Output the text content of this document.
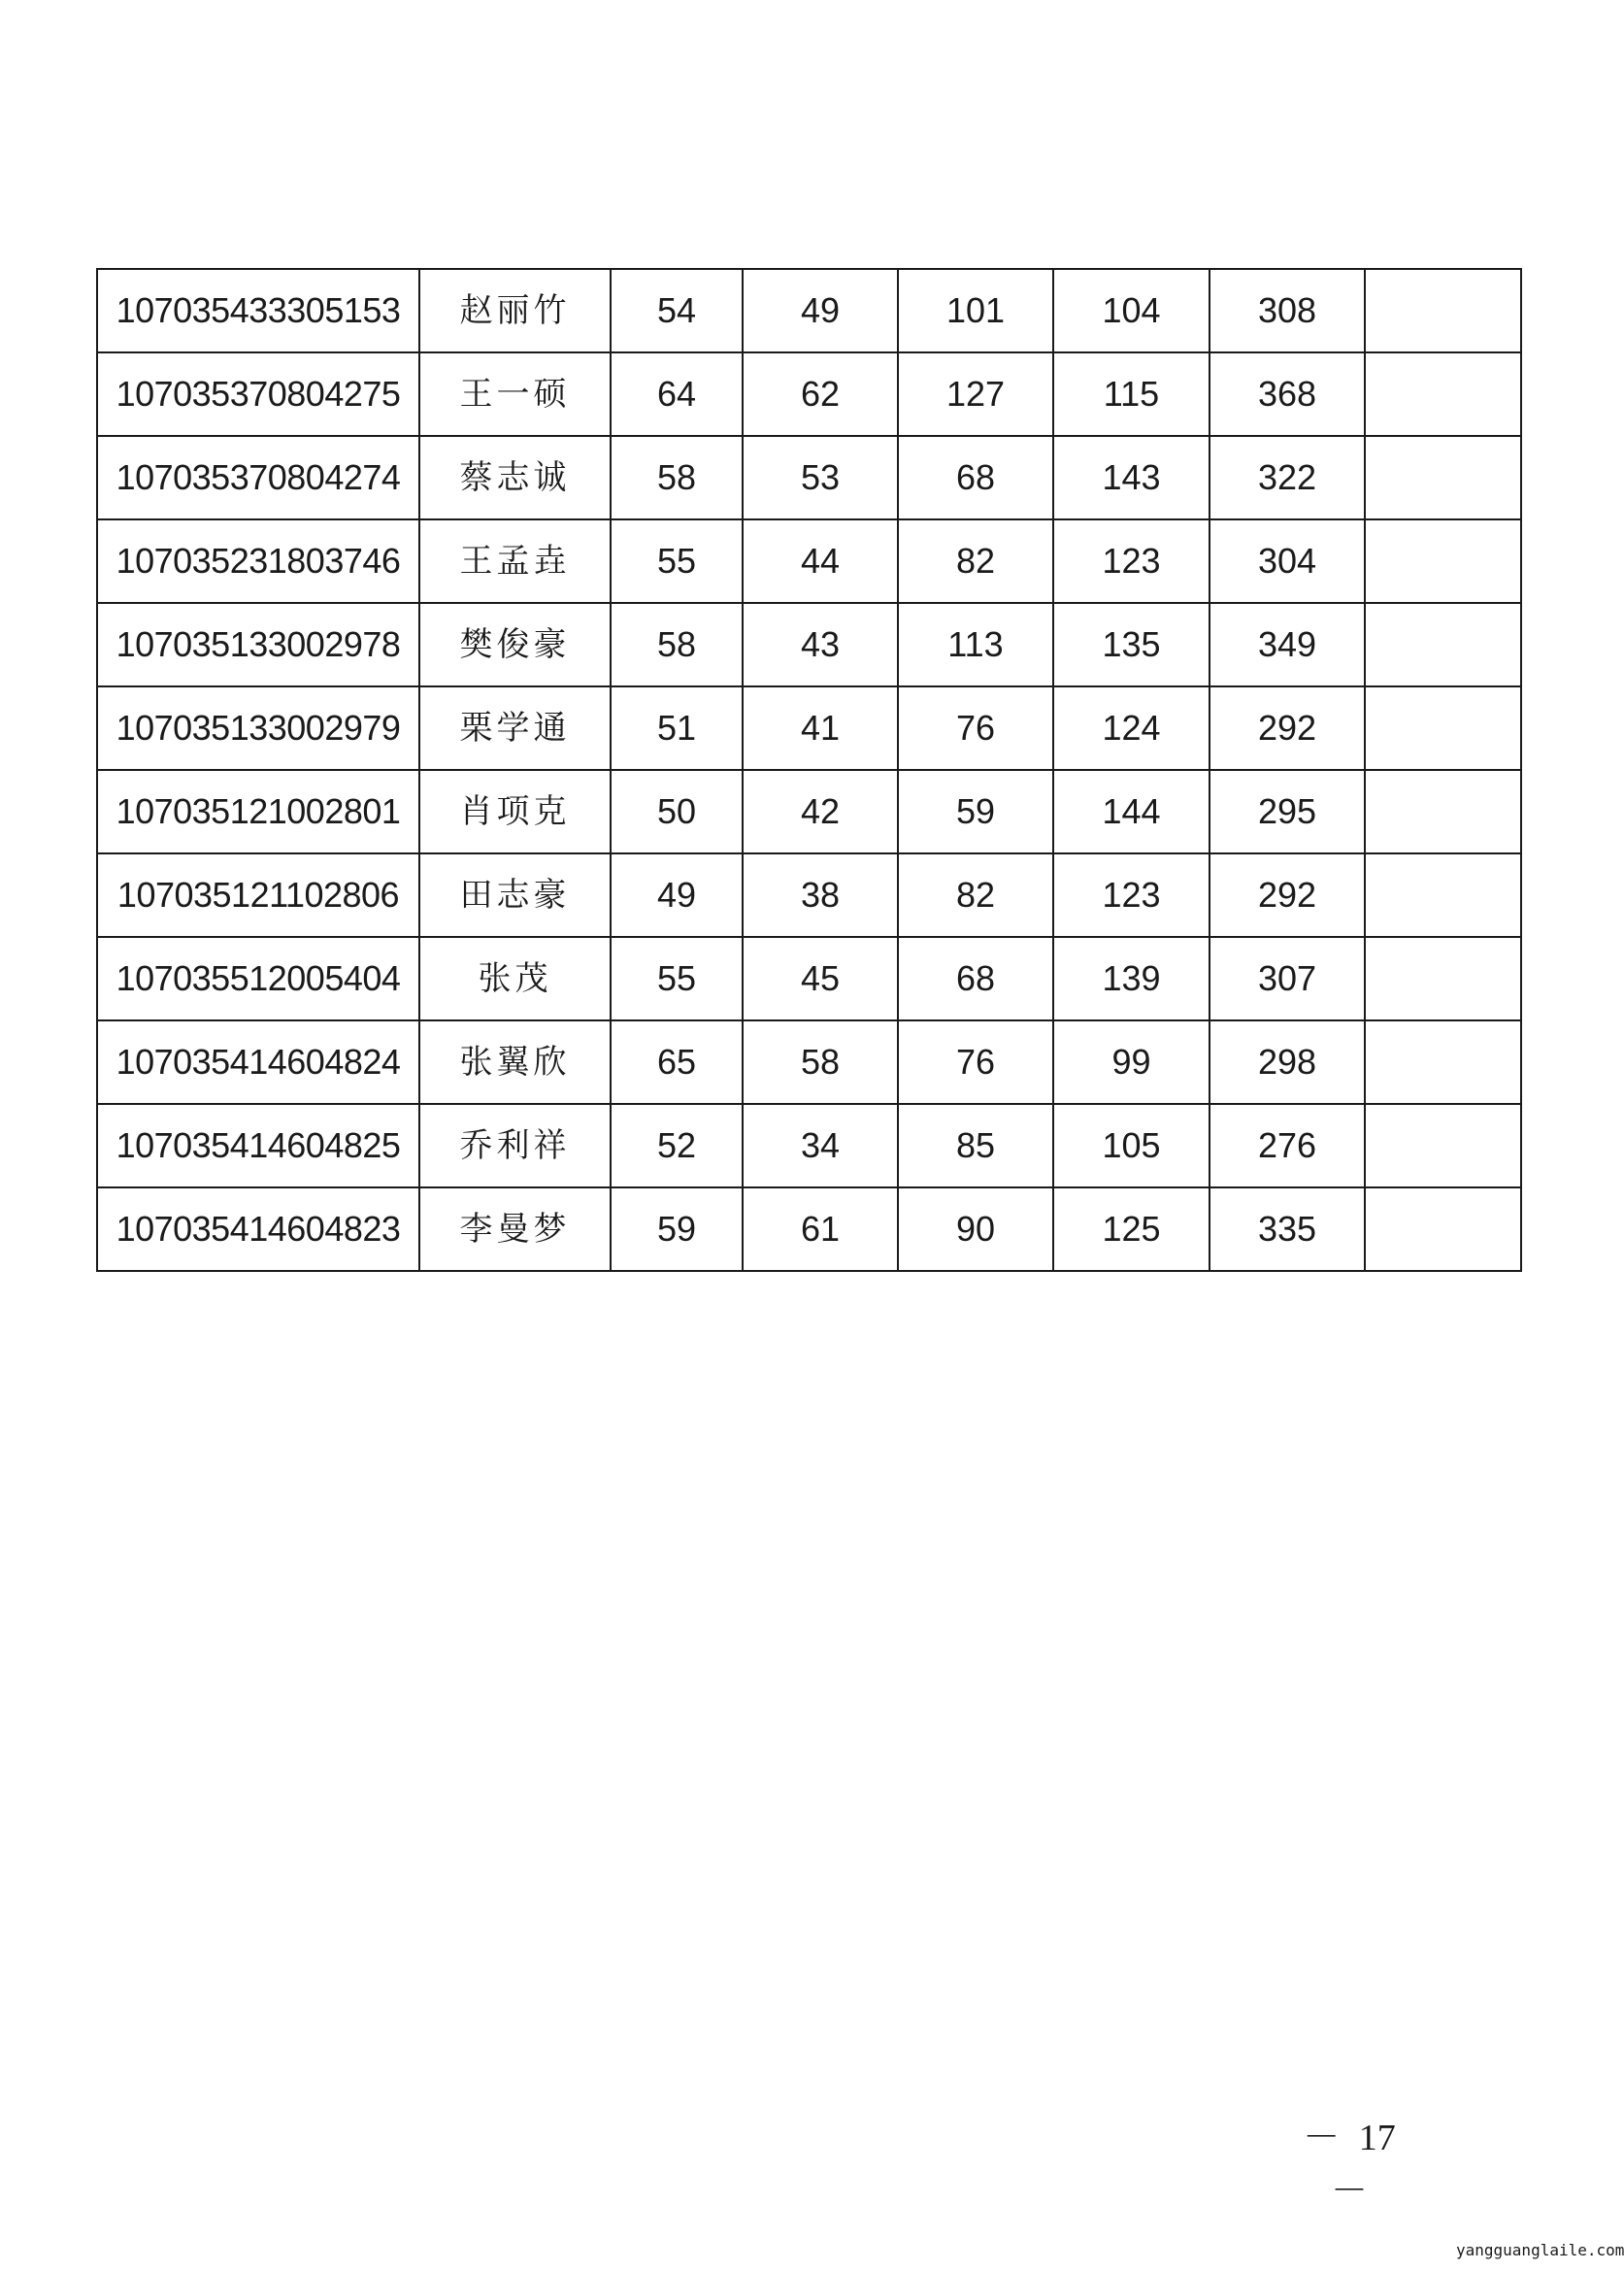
107035433305153	赵丽竹	54	49	101	104	308	
107035370804275	王一硕	64	62	127	115	368	
107035370804274	蔡志诚	58	53	68	143	322	
107035231803746	王孟垚	55	44	82	123	304	
107035133002978	樊俊豪	58	43	113	135	349	
107035133002979	栗学通	51	41	76	124	292	
107035121002801	肖项克	50	42	59	144	295	
107035121102806	田志豪	49	38	82	123	292	
107035512005404	张茂	55	45	68	139	307	
107035414604824	张翼欣	65	58	76	99	298	
107035414604825	乔利祥	52	34	85	105	276	
107035414604823	李曼梦	59	61	90	125	335	
－ 17 －
yangguanglaile.com
